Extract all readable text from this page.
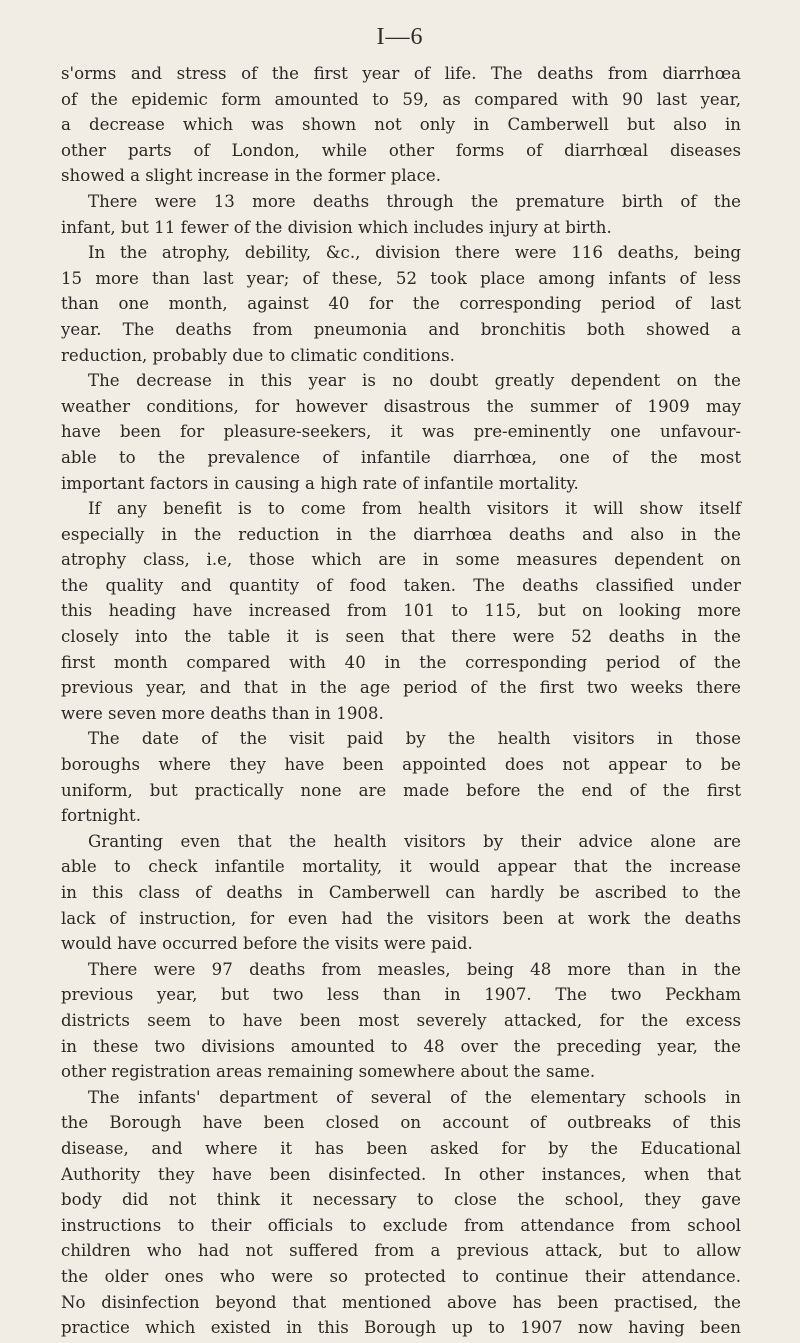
I—6
s'orms and stress of the first year of life. The deaths from diarrhœa
of the epidemic form amounted to 59, as compared with 90 last year,
a decrease which was shown not only in Camberwell but also in
other parts of London, while other forms of diarrhœal diseases
showed a slight increase in the former place.
There were 13 more deaths through the premature birth of the
infant, but 11 fewer of the division which includes injury at birth.
In the atrophy, debility, &c., division there were 116 deaths, being
15 more than last year; of these, 52 took place among infants of less
than one month, against 40 for the corresponding period of last
year. The deaths from pneumonia and bronchitis both showed a
reduction, probably due to climatic conditions.
The decrease in this year is no doubt greatly dependent on the
weather conditions, for however disastrous the summer of 1909 may
have been for pleasure-seekers, it was pre-eminently one unfavour-
able to the prevalence of infantile diarrhœa, one of the most
important factors in causing a high rate of infantile mortality.
If any benefit is to come from health visitors it will show itself
especially in the reduction in the diarrhœa deaths and also in the
atrophy class, i.e, those which are in some measures dependent on
the quality and quantity of food taken. The deaths classified under
this heading have increased from 101 to 115, but on looking more
closely into the table it is seen that there were 52 deaths in the
first month compared with 40 in the corresponding period of the
previous year, and that in the age period of the first two weeks there
were seven more deaths than in 1908.
The date of the visit paid by the health visitors in those
boroughs where they have been appointed does not appear to be
uniform, but practically none are made before the end of the first
fortnight.
Granting even that the health visitors by their advice alone are
able to check infantile mortality, it would appear that the increase
in this class of deaths in Camberwell can hardly be ascribed to the
lack of instruction, for even had the visitors been at work the deaths
would have occurred before the visits were paid.
There were 97 deaths from measles, being 48 more than in the
previous year, but two less than in 1907. The two Peckham
districts seem to have been most severely attacked, for the excess
in these two divisions amounted to 48 over the preceding year, the
other registration areas remaining somewhere about the same.
The infants' department of several of the elementary schools in
the Borough have been closed on account of outbreaks of this
disease, and where it has been asked for by the Educational
Authority they have been disinfected. In other instances, when that
body did not think it necessary to close the school, they gave
instructions to their officials to exclude from attendance from school
children who had not suffered from a previous attack, but to allow
the older ones who were so protected to continue their attendance.
No disinfection beyond that mentioned above has been practised, the
practice which existed in this Borough up to 1907 now having been
